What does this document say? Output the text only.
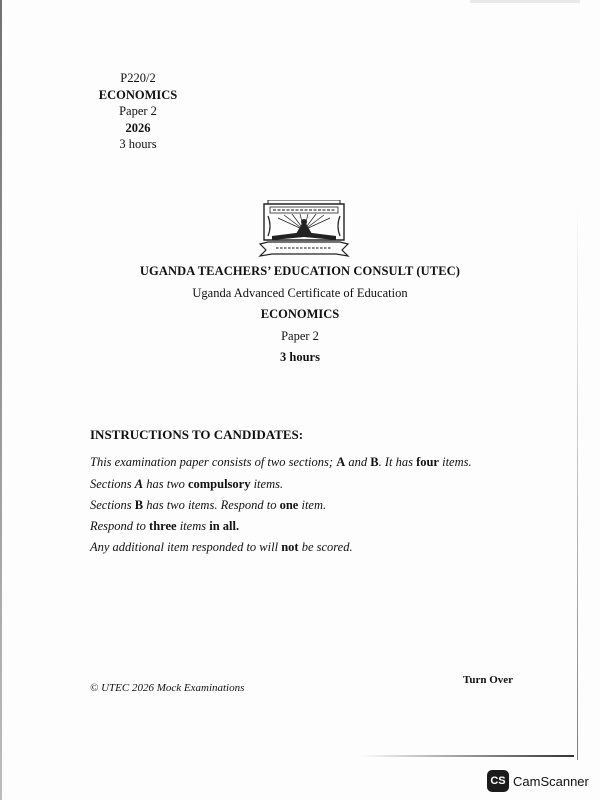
P220/2
ECONOMICS
Paper 2
2026
3 hours
UGANDA TEACHERS’ EDUCATION CONSULT (UTEC)
Uganda Advanced Certificate of Education
ECONOMICS
Paper 2
3 hours
INSTRUCTIONS TO CANDIDATES:
This examination paper consists of two sections; A and B. It has four items.
Sections A has two compulsory items.
Sections B has two items. Respond to one item.
Respond to three items in all.
Any additional item responded to will not be scored.
© UTEC 2026 Mock Examinations
Turn Over
CS CamScanner
